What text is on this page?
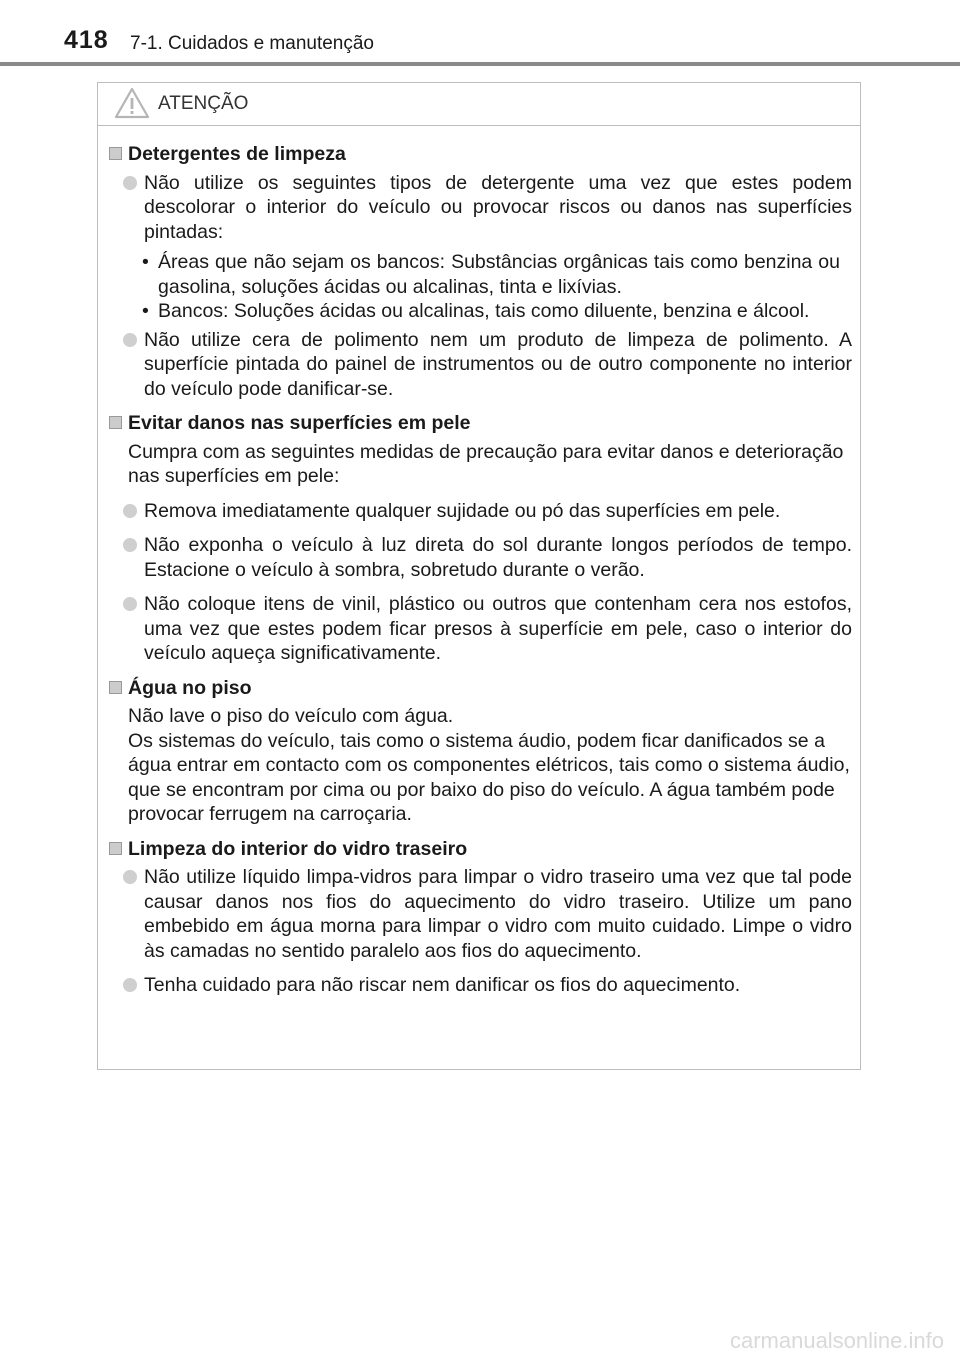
418 7-1. Cuidados e manutenção
ATENÇÃO
Detergentes de limpeza
Não utilize os seguintes tipos de detergente uma vez que estes podem descolorar o interior do veículo ou provocar riscos ou danos nas superfícies pintadas:
• Áreas que não sejam os bancos: Substâncias orgânicas tais como benzina ou gasolina, soluções ácidas ou alcalinas, tinta e lixívias.
• Bancos: Soluções ácidas ou alcalinas, tais como diluente, benzina e álcool.
Não utilize cera de polimento nem um produto de limpeza de polimento. A superfície pintada do painel de instrumentos ou de outro componente no interior do veículo pode danificar-se.
Evitar danos nas superfícies em pele
Cumpra com as seguintes medidas de precaução para evitar danos e deterioração nas superfícies em pele:
Remova imediatamente qualquer sujidade ou pó das superfícies em pele.
Não exponha o veículo à luz direta do sol durante longos períodos de tempo. Estacione o veículo à sombra, sobretudo durante o verão.
Não coloque itens de vinil, plástico ou outros que contenham cera nos estofos, uma vez que estes podem ficar presos à superfície em pele, caso o interior do veículo aqueça significativamente.
Água no piso
Não lave o piso do veículo com água.
Os sistemas do veículo, tais como o sistema áudio, podem ficar danificados se a água entrar em contacto com os componentes elétricos, tais como o sistema áudio, que se encontram por cima ou por baixo do piso do veículo. A água também pode provocar ferrugem na carroçaria.
Limpeza do interior do vidro traseiro
Não utilize líquido limpa-vidros para limpar o vidro traseiro uma vez que tal pode causar danos nos fios do aquecimento do vidro traseiro. Utilize um pano embebido em água morna para limpar o vidro com muito cuidado. Limpe o vidro às camadas no sentido paralelo aos fios do aquecimento.
Tenha cuidado para não riscar nem danificar os fios do aquecimento.
carmanualsonline.info
